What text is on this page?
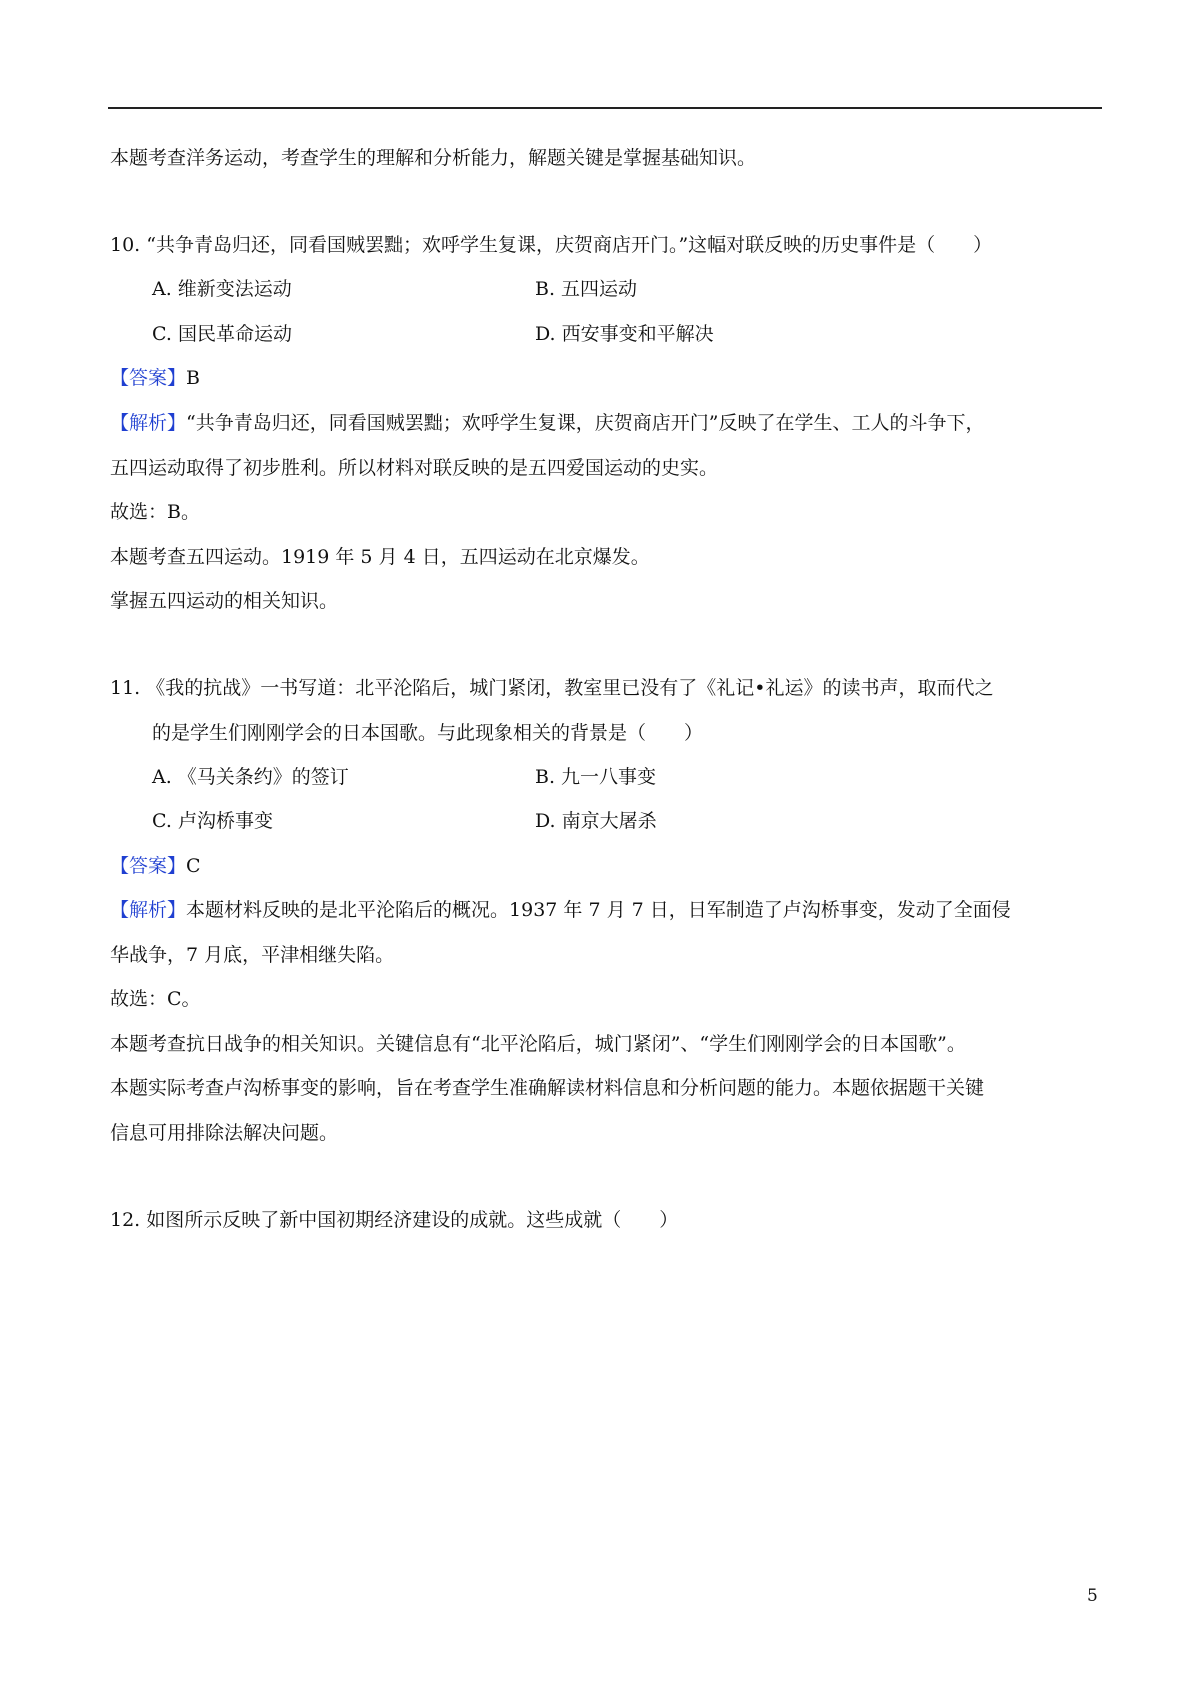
本题考查洋务运动，考查学生的理解和分析能力，解题关键是掌握基础知识。
10. “共争青岛归还，同看国贼罢黜；欢呼学生复课，庆贺商店开门。”这幅对联反映的历史事件是（　　）
A. 维新变法运动	B. 五四运动
C. 国民革命运动	D. 西安事变和平解决
【答案】B
【解析】“共争青岛归还，同看国贼罢黜；欢呼学生复课，庆贺商店开门”反映了在学生、工人的斗争下，
五四运动取得了初步胜利。所以材料对联反映的是五四爱国运动的史实。
故选：B。
本题考查五四运动。1919 年 5 月 4 日，五四运动在北京爆发。
掌握五四运动的相关知识。
11. 《我的抗战》一书写道：北平沦陷后，城门紧闭，教室里已没有了《礼记•礼运》的读书声，取而代之
的是学生们刚刚学会的日本国歌。与此现象相关的背景是（　　）
A. 《马关条约》的签订	B. 九一八事变
C. 卢沟桥事变	D. 南京大屠杀
【答案】C
【解析】本题材料反映的是北平沦陷后的概况。1937 年 7 月 7 日，日军制造了卢沟桥事变，发动了全面侵
华战争，7 月底，平津相继失陷。
故选：C。
本题考查抗日战争的相关知识。关键信息有“北平沦陷后，城门紧闭”、“学生们刚刚学会的日本国歌”。
本题实际考查卢沟桥事变的影响，旨在考查学生准确解读材料信息和分析问题的能力。本题依据题干关键
信息可用排除法解决问题。
12. 如图所示反映了新中国初期经济建设的成就。这些成就（　　）
5
